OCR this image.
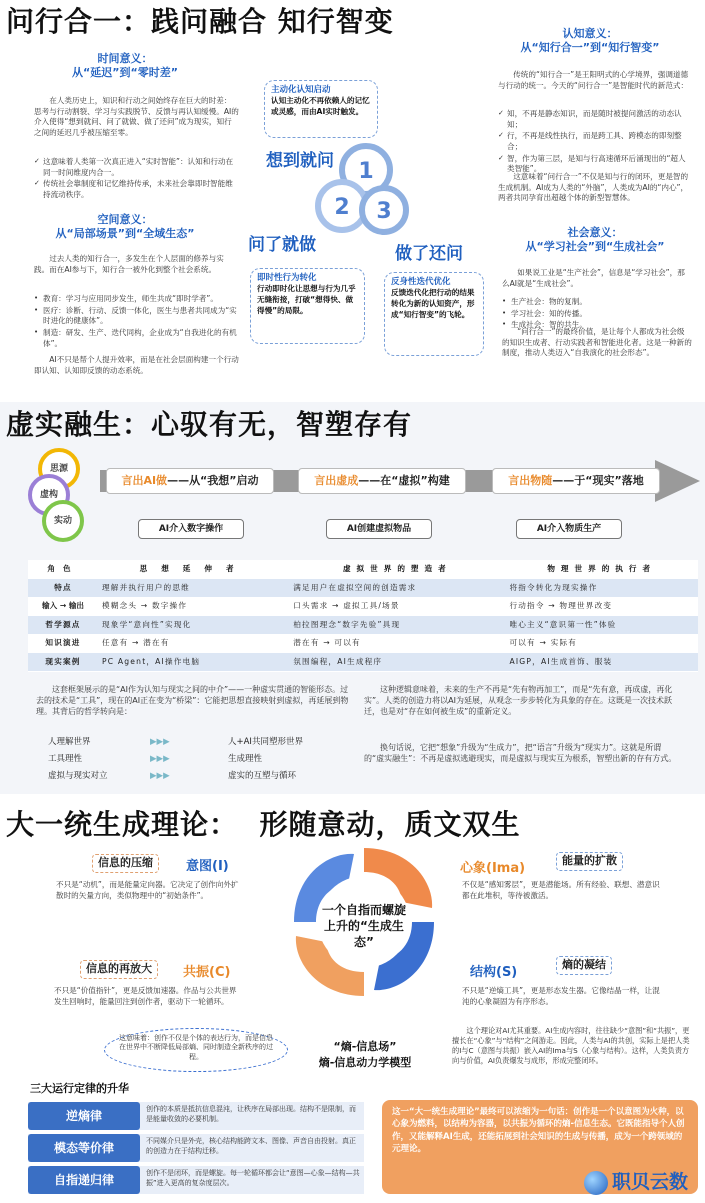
问行合一：践问融合 知行智变
时间意义：
从“延迟”到“零时差”
在人类历史上，知识和行动之间始终存在巨大的时差：思考与行动割裂、学习与实践脱节、反馈与再认知缓慢。AI的介入使得“想到就问、问了就做、做了还问”成为现实，知行之间的延迟几乎被压缩至零。
✓ 这意味着人类第一次真正进入“实时智能”：认知和行动在同一时间维度内合一。
✓ 传统社会靠制度和记忆维持传承，未来社会靠即时智能维持流动秩序。
空间意义：
从“局部场景”到“全域生态”
过去人类的知行合一，多发生在个人层面的修养与实践。而在AI参与下，知行合一被外化到整个社会系统。
• 教育：学习与应用同步发生，师生共成“即时学者”。
• 医疗：诊断、行动、反馈一体化，医生与患者共同成为“实时进化的健康体”。
• 制造：研发、生产、迭代同构，企业成为“自我进化的有机体”。
AI不只是帮个人提升效率，而是在社会层面构建一个行动即认知、认知即反馈的动态系统。
主动化认知启动
认知主动化不再依赖人的记忆或灵感，而由AI实时触发。
想到就问
问了就做	做了还问
1
2 3
即时性行为转化
行动即时化让思想与行为几乎无缝衔接，打破“想得快、做得慢”的局限。
反身性迭代优化
反馈迭代化把行动的结果转化为新的认知资产，形成“知行智变”的飞轮。
认知意义：
从“知行合一”到“知行智变”
传统的“知行合一”是王阳明式的心学境界，强调道德与行动的统一。今天的“问行合一”是智能时代的新范式：
✓ 知，不再是静态知识，而是随时被提问激活的动态认知；
✓ 行，不再是线性执行，而是跨工具、跨模态的即刻整合；
✓ 智，作为第三层，是知与行高速循环后涌现出的“超人类智能”。
这意味着“问行合一”不仅是知与行的闭环，更是智的生成机制。AI成为人类的“外脑”，人类成为AI的“内心”，两者共同孕育出超越个体的新型智慧体。
社会意义：
从“学习社会”到“生成社会”
如果说工业是“生产社会”，信息是“学习社会”，那么AI就是“生成社会”。
• 生产社会：物的复制。
• 学习社会：知的传播。
• 生成社会：智的共生。
“问行合一”的最终价值，是让每个人都成为社会级的知识生成者、行动实践者和智能进化者。这是一种新的制度，推动人类迈入“自我演化的社会形态”。
虚实融生：心驭有无，智塑存有
思源
虚构
实动
言出AI做——从“我想”启动	言出虚成——在“虚拟”构建	言出物随——于“现实”落地
AI介入数字操作	AI创建虚拟物品	AI介入物质生产
角色	思想延伸者	虚拟世界的塑造者	物理世界的执行者
特点	理解并执行用户的思维	满足用户在虚拟空间的创造需求	将指令转化为现实操作
输入 → 输出	模糊念头 → 数字操作	口头需求 → 虚拟工具/场景	行动指令 → 物理世界改变
哲学源点	现象学“意向性”实现化	柏拉图理念“数字先验”具现	唯心主义“意识第一性”体验
知识演进	任意有 → 潜在有	潜在有 → 可以有	可以有 → 实际有
现实案例	PC Agent，AI操作电脑	氛围编程，AI生成程序	AIGP，AI生成首饰、服装
这套框架展示的是“AI作为认知与现实之间的中介”——一种虚实贯通的智能形态。过去的技术是“工具”，现在的AI正在变为“桥梁”：它能把思想直接映射到虚拟，再延展到物理。其背后的哲学转向是：
人理解世界	▶▶▶	人+AI共同塑形世界
工具理性	▶▶▶	生成理性
虚拟与现实对立	▶▶▶	虚实的互塑与循环
这种逻辑意味着，未来的生产不再是“先有物再加工”，而是“先有意，再成虚，再化实”。人类的创造力将以AI为延展，从观念一步步转化为具象的存在。这既是一次技术跃迁，也是对“存在如何被生成”的重新定义。
换句话说，它把“想象”升级为“生成力”，把“语言”升级为“现实力”。这就是所谓的“虚实融生”：不再是虚拟逃避现实，而是虚拟与现实互为根系，智塑出新的存有方式。
大一统生成理论：  形随意动，质文双生
一个自指而螺旋上升的“生成生态”
意图(I)	心象(Ima)
共振(C)	结构(S)
信息的压缩
不只是“动机”，而是能量定向器。它决定了创作向外扩散时的矢量方向，类似物理中的“初始条件”。
能量的扩散
不仅是“感知雾层”，更是潜能场。所有经验、联想、潜意识都在此堆积，等待被激活。
信息的再放大
不只是“价值指针”，更是反馈加速器。作品与公共世界发生回响时，能量回注到创作者，驱动下一轮循环。
熵的凝结
不只是“逆熵工具”，更是形态发生器。它像结晶一样，让混沌的心象凝固为有序形态。
这意味着：创作不仅是个体的表达行为，而是信息在世界中不断降低局部熵、同时制造全新秩序的过程。
“熵-信息场”
熵-信息动力学模型
这个理论对AI尤其重要。AI生成内容时，往往缺少“意图”和“共振”，更擅长在“心象”与“结构”之间游走。因此，人类与AI的共创，实际上是把人类的I与C（意图与共振）嵌入AI的Ima与S（心象与结构）。这样，人类负责方向与价值，AI负责爆发与成形，形成完整闭环。
三大运行定律的升华
逆熵律	创作的本质是抵抗信息混沌，让秩序在局部出现。结构不是限制，而是能量收敛的必要机制。
模态等价律	不同媒介只是外壳，核心结构能跨文本、图像、声音自由投射。真正的创造力在于结构迁移。
自指递归律	创作不是闭环，而是螺旋。每一轮循环都会让“意图—心象—结构—共振”进入更高的复杂度层次。
这一“大一统生成理论”最终可以浓缩为一句话：创作是一个以意图为火种，以心象为燃料，以结构为容器，以共振为循环的熵-信息生态。它既能指导个人创作，又能解释AI生成，还能拓展到社会知识的生成与传播，成为一个跨领域的元理论。
职贝云数
